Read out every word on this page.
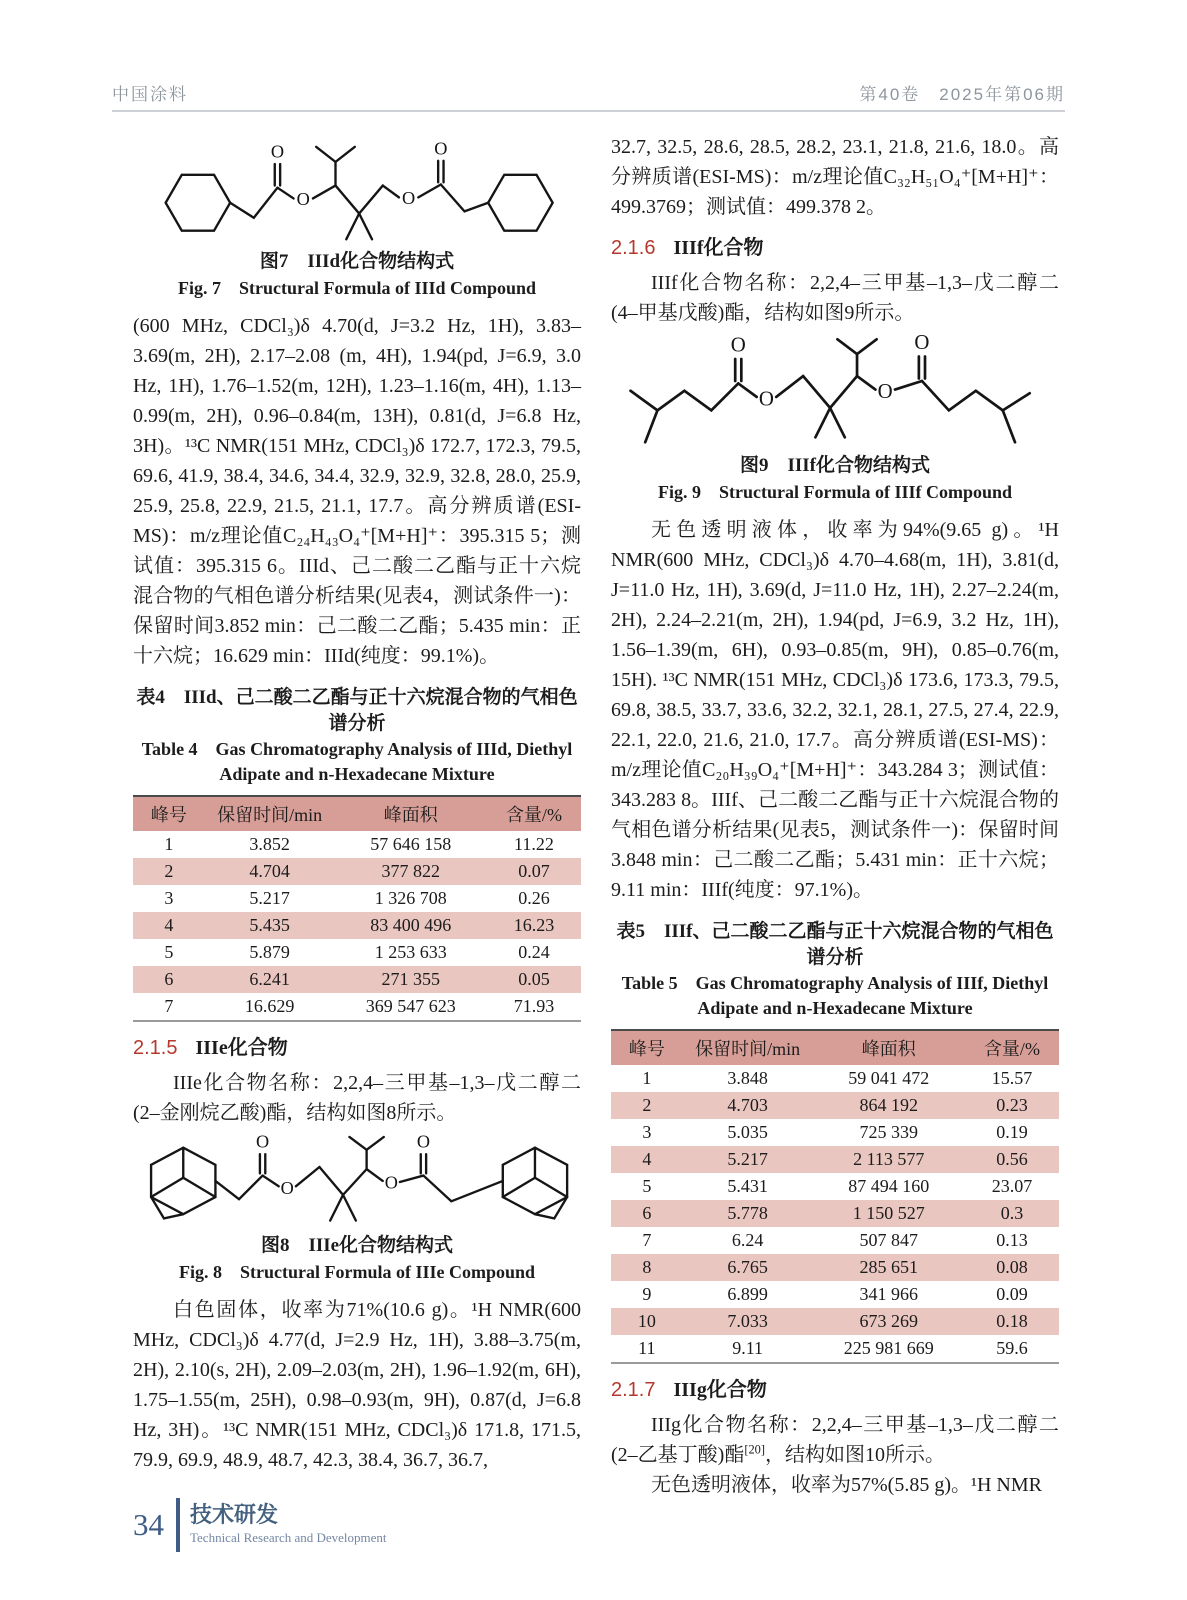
中国涂料	第40卷　2025年第06期
O
O
O
O
图7　IIId化合物结构式
Fig. 7　Structural Formula of IIId Compound

(600 MHz, CDCl₃)δ 4.70(d, J=3.2 Hz, 1H), 3.83–3.69(m, 2H), 2.17–2.08 (m, 4H), 1.94(pd, J=6.9, 3.0 Hz, 1H), 1.76–1.52(m, 12H), 1.23–1.16(m, 4H), 1.13–0.99(m, 2H), 0.96–0.84(m, 13H), 0.81(d, J=6.8 Hz, 3H)。¹³C NMR(151 MHz, CDCl₃)δ 172.7, 172.3, 79.5, 69.6, 41.9, 38.4, 34.6, 34.4, 32.9, 32.9, 32.8, 28.0, 25.9, 25.9, 25.8, 22.9, 21.5, 21.1, 17.7。高分辨质谱(ESI-MS)：m/z理论值C₂₄H₄₃O₄⁺[M+H]⁺：395.315 5；测试值：395.315 6。IIId、己二酸二乙酯与正十六烷混合物的气相色谱分析结果(见表4，测试条件一)：保留时间3.852 min：己二酸二乙酯；5.435 min：正十六烷；16.629 min：IIId(纯度：99.1%)。

表4　IIId、己二酸二乙酯与正十六烷混合物的气相色谱分析
Table 4　Gas Chromatography Analysis of IIId, Diethyl Adipate and n-Hexadecane Mixture
峰号	保留时间/min	峰面积	含量/%
1	3.852	57 646 158	11.22
2	4.704	377 822	0.07
3	5.217	1 326 708	0.26
4	5.435	83 400 496	16.23
5	5.879	1 253 633	0.24
6	6.241	271 355	0.05
7	16.629	369 547 623	71.93
2.1.5 IIIe化合物

IIIe化合物名称：2,2,4–三甲基–1,3–戊二醇二(2–金刚烷乙酸)酯，结构如图8所示。

O
O
O
O
图8　IIIe化合物结构式
Fig. 8　Structural Formula of IIIe Compound

白色固体，收率为71%(10.6 g)。¹H NMR(600 MHz, CDCl₃)δ 4.77(d, J=2.9 Hz, 1H), 3.88–3.75(m, 2H), 2.10(s, 2H), 2.09–2.03(m, 2H), 1.96–1.92(m, 6H), 1.75–1.55(m, 25H), 0.98–0.93(m, 9H), 0.87(d, J=6.8 Hz, 3H)。¹³C NMR(151 MHz, CDCl₃)δ 171.8, 171.5, 79.9, 69.9, 48.9, 48.7, 42.3, 38.4, 36.7, 36.7,

32.7, 32.5, 28.6, 28.5, 28.2, 23.1, 21.8, 21.6, 18.0。高分辨质谱(ESI-MS)：m/z理论值C₃₂H₅₁O₄⁺[M+H]⁺：499.3769；测试值：499.378 2。

2.1.6 IIIf化合物

IIIf化合物名称：2,2,4–三甲基–1,3–戊二醇二(4–甲基戊酸)酯，结构如图9所示。

O
O
O
O
图9　IIIf化合物结构式
Fig. 9　Structural Formula of IIIf Compound

无色透明液体，收率为94%(9.65 g)。¹H NMR(600 MHz, CDCl₃)δ 4.70–4.68(m, 1H), 3.81(d, J=11.0 Hz, 1H), 3.69(d, J=11.0 Hz, 1H), 2.27–2.24(m, 2H), 2.24–2.21(m, 2H), 1.94(pd, J=6.9, 3.2 Hz, 1H), 1.56–1.39(m, 6H), 0.93–0.85(m, 9H), 0.85–0.76(m, 15H). ¹³C NMR(151 MHz, CDCl₃)δ 173.6, 173.3, 79.5, 69.8, 38.5, 33.7, 33.6, 32.2, 32.1, 28.1, 27.5, 27.4, 22.9, 22.1, 22.0, 21.6, 21.0, 17.7。高分辨质谱(ESI-MS)：m/z理论值C₂₀H₃₉O₄⁺[M+H]⁺：343.284 3；测试值：343.283 8。IIIf、己二酸二乙酯与正十六烷混合物的气相色谱分析结果(见表5，测试条件一)：保留时间3.848 min：己二酸二乙酯；5.431 min：正十六烷；9.11 min：IIIf(纯度：97.1%)。

表5　IIIf、己二酸二乙酯与正十六烷混合物的气相色谱分析
Table 5　Gas Chromatography Analysis of IIIf, Diethyl Adipate and n-Hexadecane Mixture
峰号	保留时间/min	峰面积	含量/%
1	3.848	59 041 472	15.57
2	4.703	864 192	0.23
3	5.035	725 339	0.19
4	5.217	2 113 577	0.56
5	5.431	87 494 160	23.07
6	5.778	1 150 527	0.3
7	6.24	507 847	0.13
8	6.765	285 651	0.08
9	6.899	341 966	0.09
10	7.033	673 269	0.18
11	9.11	225 981 669	59.6
2.1.7 IIIg化合物

IIIg化合物名称：2,2,4–三甲基–1,3–戊二醇二(2–乙基丁酸)酯[20]，结构如图10所示。

无色透明液体，收率为57%(5.85 g)。¹H NMR

34 技术研发
Technical Research and Development
